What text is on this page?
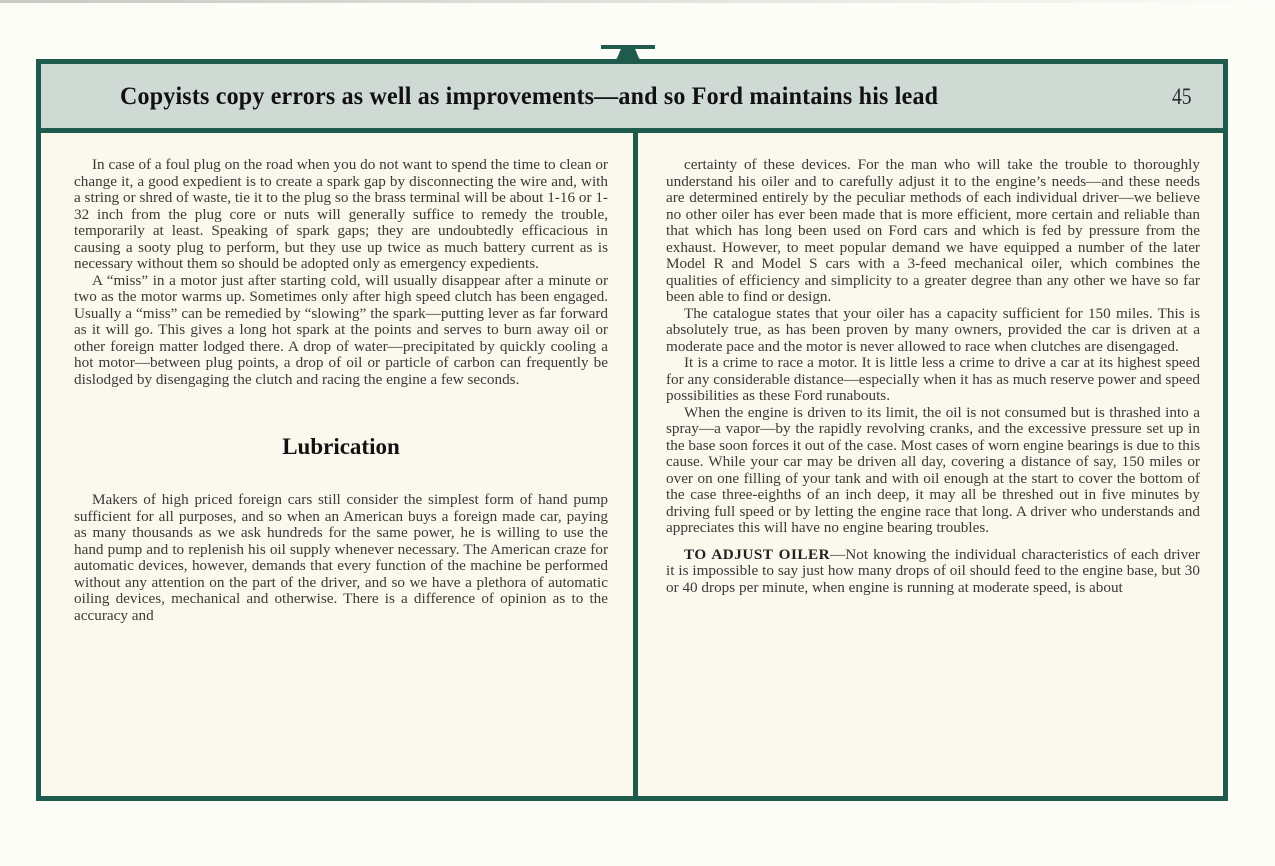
Copyists copy errors as well as improvements—and so Ford maintains his lead	45

In case of a foul plug on the road when you do not want to spend the time to clean or change it, a good expedient is to create a spark gap by disconnecting the wire and, with a string or shred of waste, tie it to the plug so the brass terminal will be about 1-16 or 1-32 inch from the plug core or nuts will generally suffice to remedy the trouble, temporarily at least. Speaking of spark gaps; they are undoubtedly efficacious in causing a sooty plug to perform, but they use up twice as much battery current as is necessary without them so should be adopted only as emergency expedients.

A “miss” in a motor just after starting cold, will usually disappear after a minute or two as the motor warms up. Sometimes only after high speed clutch has been engaged. Usually a “miss” can be remedied by “slowing” the spark—putting lever as far forward as it will go. This gives a long hot spark at the points and serves to burn away oil or other foreign matter lodged there. A drop of water—precipitated by quickly cooling a hot motor—between plug points, a drop of oil or particle of carbon can frequently be dislodged by disengaging the clutch and racing the engine a few seconds.

Lubrication

Makers of high priced foreign cars still consider the simplest form of hand pump sufficient for all purposes, and so when an American buys a foreign made car, paying as many thousands as we ask hundreds for the same power, he is willing to use the hand pump and to replenish his oil supply whenever necessary. The American craze for automatic devices, however, demands that every function of the machine be performed without any attention on the part of the driver, and so we have a plethora of automatic oiling devices, mechanical and otherwise. There is a difference of opinion as to the accuracy and

certainty of these devices. For the man who will take the trouble to thoroughly understand his oiler and to carefully adjust it to the engine’s needs—and these needs are determined entirely by the peculiar methods of each individual driver—we believe no other oiler has ever been made that is more efficient, more certain and reliable than that which has long been used on Ford cars and which is fed by pressure from the exhaust. However, to meet popular demand we have equipped a number of the later Model R and Model S cars with a 3-feed mechanical oiler, which combines the qualities of efficiency and simplicity to a greater degree than any other we have so far been able to find or design.

The catalogue states that your oiler has a capacity sufficient for 150 miles. This is absolutely true, as has been proven by many owners, provided the car is driven at a moderate pace and the motor is never allowed to race when clutches are disengaged.

It is a crime to race a motor. It is little less a crime to drive a car at its highest speed for any considerable distance—especially when it has as much reserve power and speed possibilities as these Ford runabouts.

When the engine is driven to its limit, the oil is not consumed but is thrashed into a spray—a vapor—by the rapidly revolving cranks, and the excessive pressure set up in the base soon forces it out of the case. Most cases of worn engine bearings is due to this cause. While your car may be driven all day, covering a distance of say, 150 miles or over on one filling of your tank and with oil enough at the start to cover the bottom of the case three-eighths of an inch deep, it may all be threshed out in five minutes by driving full speed or by letting the engine race that long. A driver who understands and appreciates this will have no engine bearing troubles.

TO ADJUST OILER—Not knowing the individual characteristics of each driver it is impossible to say just how many drops of oil should feed to the engine base, but 30 or 40 drops per minute, when engine is running at moderate speed, is about
